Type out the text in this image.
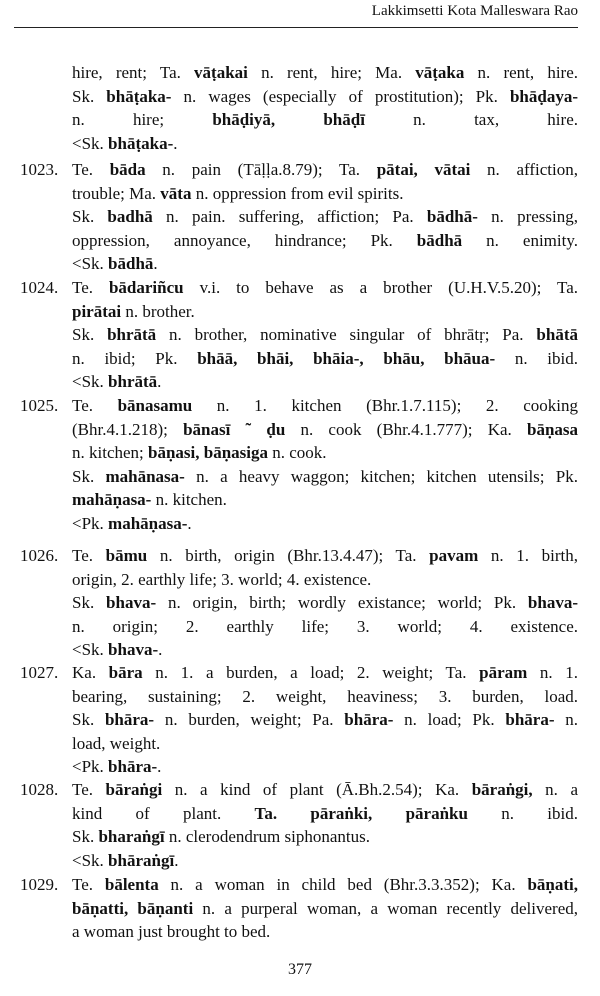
Lakkimsetti Kota Malleswara Rao
hire, rent; Ta. vāṭakai n. rent, hire; Ma. vāṭaka n. rent, hire.
Sk. bhāṭaka- n. wages (especially of prostitution); Pk. bhāḍaya-
n. hire; bhāḍiyā, bhāḍī n. tax, hire.
<Sk. bhāṭaka-.
1023. Te. bāda n. pain (Tāḷḷa.8.79); Ta. pātai, vātai n. affiction,
trouble; Ma. vāta n. oppression from evil spirits.
Sk. badhā n. pain. suffering, affiction; Pa. bādhā- n. pressing,
oppression, annoyance, hindrance; Pk. bādhā n. enimity.
<Sk. bādhā.
1024. Te. bādariñcu v.i. to behave as a brother (U.H.V.5.20); Ta.
pirātai n. brother.
Sk. bhrātā n. brother, nominative singular of bhrātṛ; Pa. bhātā
n. ibid; Pk. bhāā, bhāi, bhāia-, bhāu, bhāua- n. ibid.
<Sk. bhrātā.
1025. Te. bānasamu n. 1. kitchen (Bhr.1.7.115); 2. cooking
(Bhr.4.1.218); bānasī ˜ ḍu n. cook (Bhr.4.1.777); Ka. bāṇasa
n. kitchen; bāṇasi, bāṇasiga n. cook.
Sk. mahānasa- n. a heavy waggon; kitchen; kitchen utensils; Pk.
mahāṇasa- n. kitchen.
<Pk. mahāṇasa-.
1026. Te. bāmu n. birth, origin (Bhr.13.4.47); Ta. pavam n. 1. birth,
origin, 2. earthly life; 3. world; 4. existence.
Sk. bhava- n. origin, birth; wordly existance; world; Pk. bhava-
n. origin; 2. earthly life; 3. world; 4. existence.
<Sk. bhava-.
1027. Ka. bāra n. 1. a burden, a load; 2. weight; Ta. pāram n. 1.
bearing, sustaining; 2. weight, heaviness; 3. burden, load.
Sk. bhāra- n. burden, weight; Pa. bhāra- n. load; Pk. bhāra- n.
load, weight.
<Pk. bhāra-.
1028. Te. bāraṅgi n. a kind of plant (Ā.Bh.2.54); Ka. bāraṅgi, n. a
kind of plant. Ta. pāraṅki, pāraṅku n. ibid.
Sk. bharaṅgī n. clerodendrum siphonantus.
<Sk. bhāraṅgī.
1029. Te. bālenta n. a woman in child bed (Bhr.3.3.352); Ka. bāṇati,
bāṇatti, bāṇanti n. a purperal woman, a woman recently delivered,
a woman just brought to bed.
377
